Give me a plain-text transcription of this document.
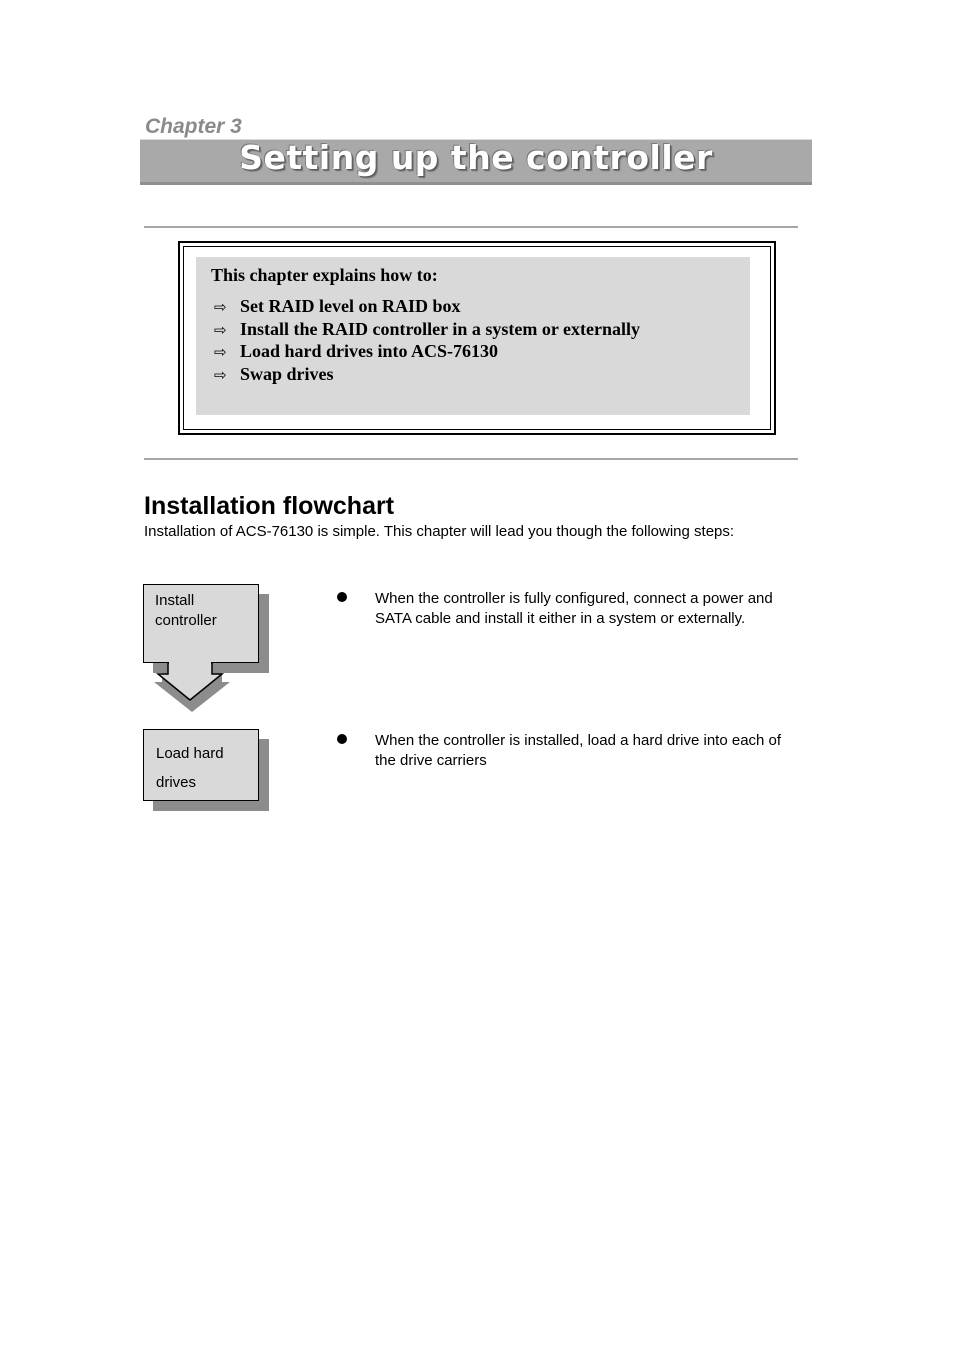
Chapter 3
Setting up the controller

This chapter explains how to:

⇨ Set RAID level on RAID box
⇨ Install the RAID controller in a system or externally
⇨ Load hard drives into ACS-76130
⇨ Swap drives
Installation flowchart

Installation of ACS-76130 is simple. This chapter will lead you though the following steps:

Install
controller

When the controller is fully configured, connect a power and SATA cable and install it either in a system or externally.

Load hard
drives

When the controller is installed, load a hard drive into each of the drive carriers
